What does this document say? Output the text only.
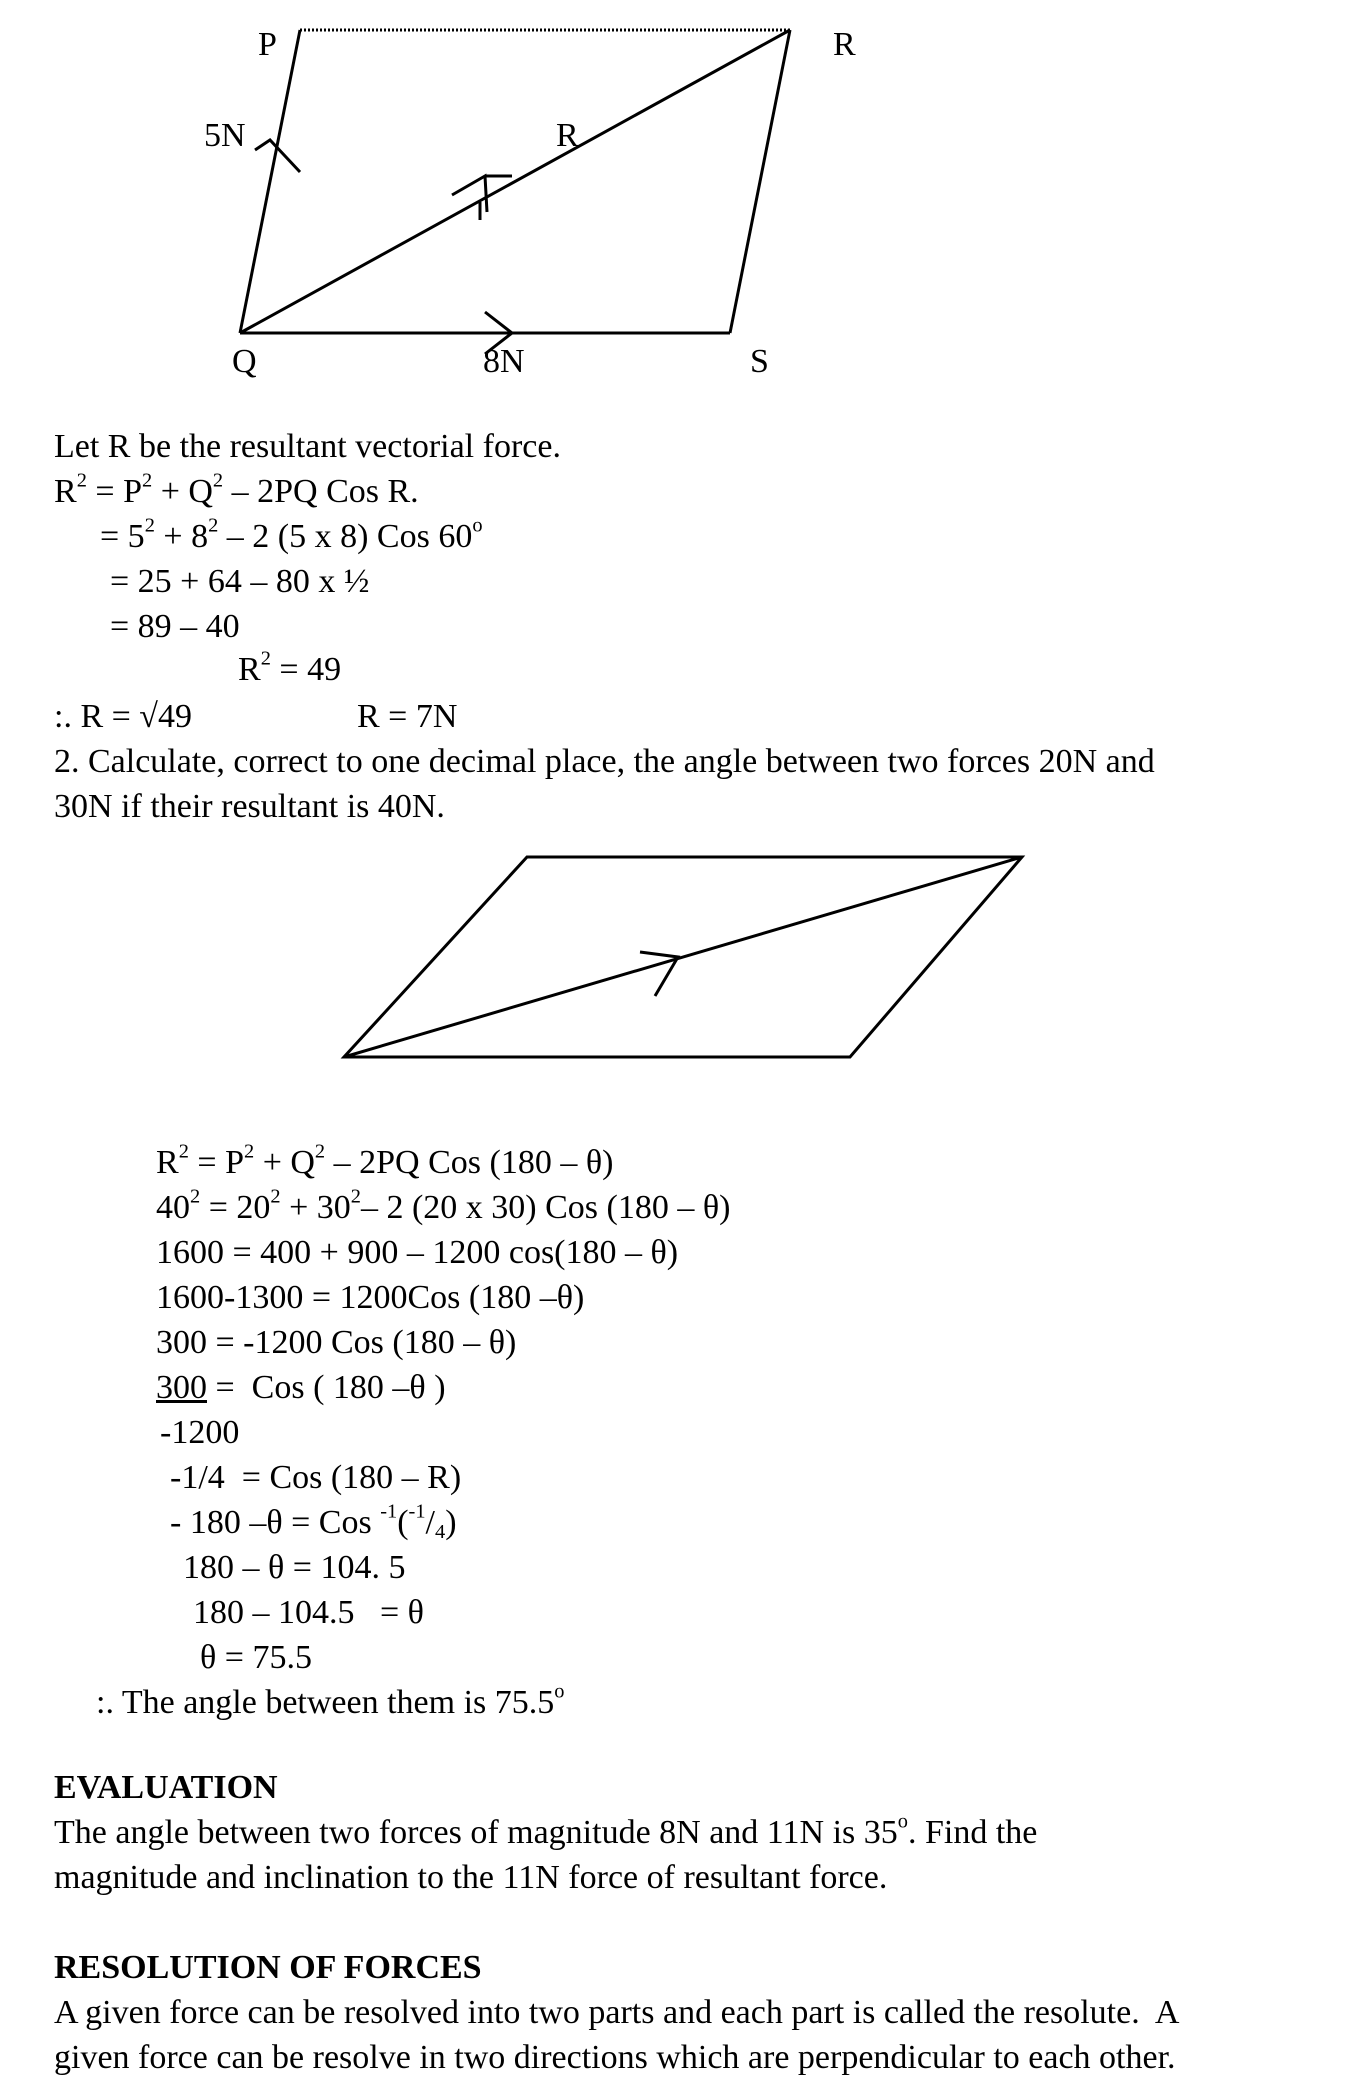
P	R
5N	R
Q	8N	S
Let R be the resultant vectorial force.
$R^2 = P^2 + Q^2 - 2PQ$ Cos R.
= $5^2 + 8^2 - 2$ (5 x 8) Cos $60^o$
= 25 + 64 – 80 x ½
= 89 – 40
$R^2 = 49$
:. R = √49	R = 7N
2. Calculate, correct to one decimal place, the angle between two forces 20N and
30N if their resultant is 40N.
$R^2 = P^2 + Q^2 - 2PQ$ Cos (180 – θ)
$40^2 = 20^2 + 30^2-$ 2 (20 x 30) Cos (180 – θ)
1600 = 400 + 900 – 1200 cos(180 – θ)
1600-1300 = 1200Cos (180 –θ)
300 = -1200 Cos (180 – θ)
300 =  Cos ( 180 –θ )
-1200
-1/4  = Cos (180 – R)
- 180 –θ = Cos $^{-1}(^{-1}/_4)$
180 – θ = 104. 5
180 – 104.5   = θ
θ = 75.5
:. The angle between them is 75.5$^o$
EVALUATION
The angle between two forces of magnitude 8N and 11N is 35$^o$. Find the
magnitude and inclination to the 11N force of resultant force.
RESOLUTION OF FORCES
A given force can be resolved into two parts and each part is called the resolute.  A
given force can be resolve in two directions which are perpendicular to each other.
